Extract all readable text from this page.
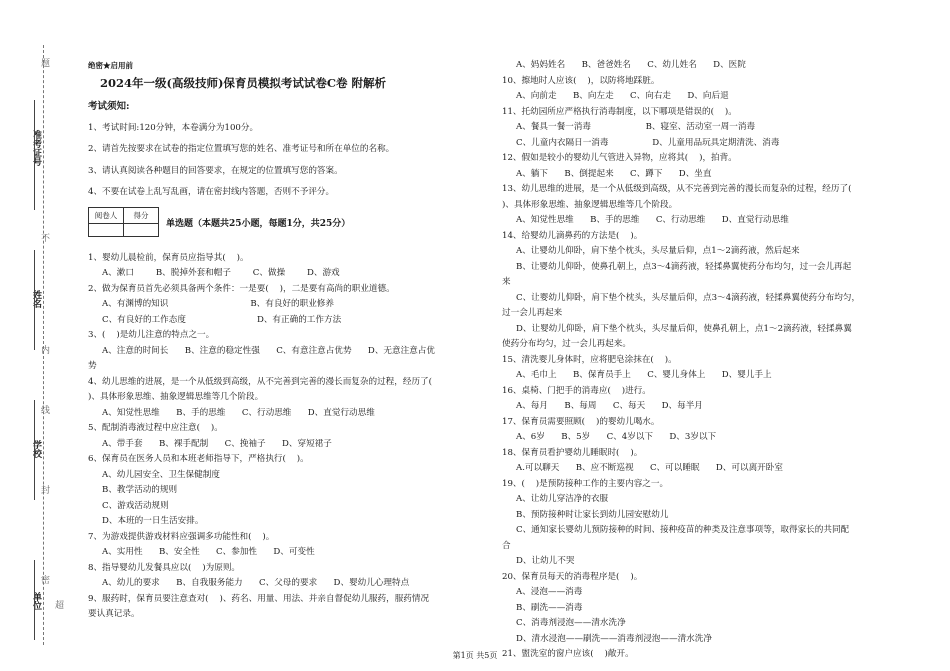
题
准考证号
不
姓名
内
线
学校
封
密
单位 超
绝密★启用前
2024年一级(高级技师)保育员模拟考试试卷C卷 附解析
考试须知:
1、考试时间:120分钟，本卷满分为100分。
2、请首先按要求在试卷的指定位置填写您的姓名、准考证号和所在单位的名称。
3、请认真阅读各种题目的回答要求，在规定的位置填写您的答案。
4、不要在试卷上乱写乱画，请在密封线内答题，否则不予评分。
阅卷人	得分

单选题（本题共25小题，每题1分，共25分）
1、婴幼儿晨检前，保育员应指导其(    )。
A、漱口        B、脱掉外套和帽子        C、做操        D、游戏
2、做为保育员首先必须具备两个条件：一是要(    )，二是要有高尚的职业道德。
A、有渊博的知识                              B、有良好的职业修养
C、有良好的工作态度                          D、有正确的工作方法
3、(    )是幼儿注意的特点之一。
A、注意的时间长      B、注意的稳定性强      C、有意注意占优势      D、无意注意占优
势
4、幼儿思维的进展，是一个从低级到高级，从不完善到完善的漫长而复杂的过程，经历了(
)、具体形象思维、抽象逻辑思维等几个阶段。
A、知觉性思维      B、手的思维      C、行动思维      D、直觉行动思维
5、配制消毒液过程中应注意(    )。
A、带手套      B、裸手配制      C、挽袖子      D、穿短裙子
6、保育员在医务人员和本班老师指导下，严格执行(    )。
A、幼儿园安全、卫生保健制度
B、教学活动的规则
C、游戏活动规则
D、本班的一日生活安排。
7、为游戏提供游戏材料应强调多功能性和(    )。
A、实用性      B、安全性      C、参加性      D、可变性
8、指导婴幼儿发餐具应以(    )为原则。
A、幼儿的要求      B、自我服务能力      C、父母的要求      D、婴幼儿心理特点
9、服药时，保育员要注意查对(    )、药名、用量、用法、并亲自督促幼儿服药，服药情况
要认真记录。
A、妈妈姓名      B、爸爸姓名      C、幼儿姓名      D、医院
10、擦地时人应该(    )，以防将地踩脏。
A、向前走      B、向左走      C、向右走      D、向后退
11、托幼园所应严格执行消毒制度，以下哪项是错误的(    )。
A、餐具一餐一消毒                    B、寝室、活动室一周一消毒
C、儿童内衣隔日一消毒                D、儿童用品玩具定期清洗、消毒
12、假如是较小的婴幼儿气管进入异物，应将其(    )，拍背。
A、躺下      B、倒提起来      C、蹲下      D、坐直
13、幼儿思维的进展，是一个从低级到高级，从不完善到完善的漫长而复杂的过程，经历了(
)、具体形象思维、抽象逻辑思维等几个阶段。
A、知觉性思维      B、手的思维      C、行动思维      D、直觉行动思维
14、给婴幼儿滴鼻药的方法是(    )。
A、让婴幼儿仰卧，肩下垫个枕头，头尽量后仰，点1～2滴药液，然后起来
B、让婴幼儿仰卧，使鼻孔朝上，点3～4滴药液，轻揉鼻翼使药分布均匀，过一会儿再起
来
C、让婴幼儿仰卧，肩下垫个枕头，头尽量后仰，点3～4滴药液，轻揉鼻翼使药分布均匀，
过一会儿再起来
D、让婴幼儿仰卧，肩下垫个枕头，头尽量后仰，使鼻孔朝上，点1～2滴药液，轻揉鼻翼
使药分布均匀，过一会儿再起来。
15、清洗婴儿身体时，应将肥皂涂抹在(    )。
A、毛巾上      B、保育员手上      C、婴儿身体上      D、婴儿手上
16、桌椅、门把手的消毒应(    )进行。
A、每月      B、每周      C、每天      D、每半月
17、保育员需要照顾(    )的婴幼儿喝水。
A、6岁      B、5岁      C、4岁以下      D、3岁以下
18、保育员看护婴幼儿睡眠时(    )。
A.可以聊天      B、应不断巡视      C、可以睡眠      D、可以离开卧室
19、(    )是预防接种工作的主要内容之一。
A、让幼儿穿洁净的衣服
B、预防接种时让家长到幼儿园安慰幼儿
C、通知家长婴幼儿预防接种的时间、接种疫苗的种类及注意事项等，取得家长的共同配
合
D、让幼儿不哭
20、保育员每天的消毒程序是(    )。
A、浸泡——消毒
B、刷洗——消毒
C、消毒剂浸泡——清水洗净
D、清水浸泡——刷洗——消毒剂浸泡——清水洗净
21、盥洗室的窗户应该(    )敞开。
第1页 共5页
